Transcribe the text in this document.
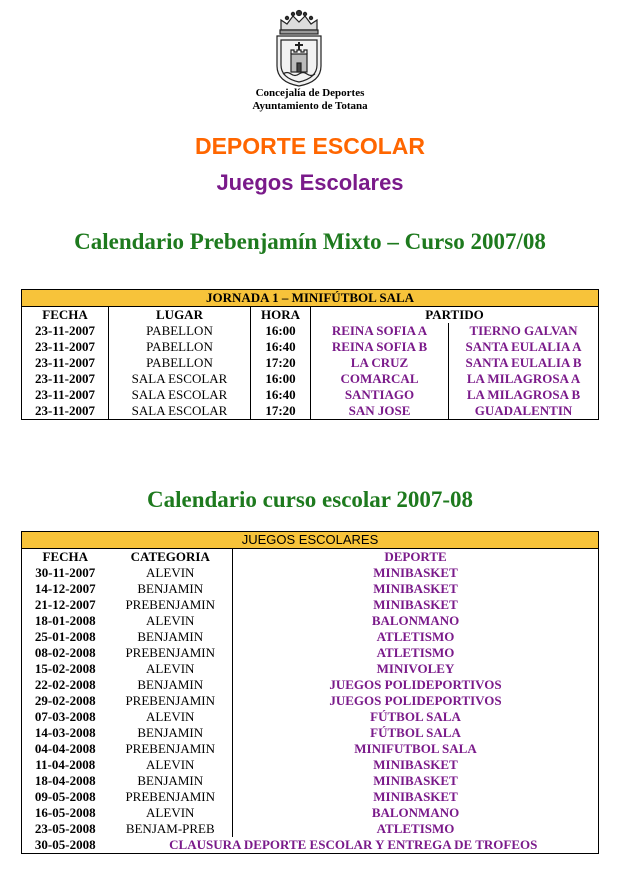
Concejalía de Deportes
Ayuntamiento de Totana
DEPORTE ESCOLAR
Juegos Escolares
Calendario Prebenjamín Mixto – Curso 2007/08
JORNADA 1 – MINIFÚTBOL SALA				
FECHA	LUGAR	HORA	PARTIDO	
23-11-2007	PABELLON	16:00	REINA SOFIA A	TIERNO GALVAN
23-11-2007	PABELLON	16:40	REINA SOFIA B	SANTA EULALIA A
23-11-2007	PABELLON	17:20	LA CRUZ	SANTA EULALIA B
23-11-2007	SALA ESCOLAR	16:00	COMARCAL	LA MILAGROSA A
23-11-2007	SALA ESCOLAR	16:40	SANTIAGO	LA MILAGROSA B
23-11-2007	SALA ESCOLAR	17:20	SAN JOSE	GUADALENTIN
Calendario curso escolar 2007-08
JUEGOS ESCOLARES		
FECHA	CATEGORIA	DEPORTE
30-11-2007	ALEVIN	MINIBASKET
14-12-2007	BENJAMIN	MINIBASKET
21-12-2007	PREBENJAMIN	MINIBASKET
18-01-2008	ALEVIN	BALONMANO
25-01-2008	BENJAMIN	ATLETISMO
08-02-2008	PREBENJAMIN	ATLETISMO
15-02-2008	ALEVIN	MINIVOLEY
22-02-2008	BENJAMIN	JUEGOS POLIDEPORTIVOS
29-02-2008	PREBENJAMIN	JUEGOS POLIDEPORTIVOS
07-03-2008	ALEVIN	FÚTBOL SALA
14-03-2008	BENJAMIN	FÚTBOL SALA
04-04-2008	PREBENJAMIN	MINIFUTBOL SALA
11-04-2008	ALEVIN	MINIBASKET
18-04-2008	BENJAMIN	MINIBASKET
09-05-2008	PREBENJAMIN	MINIBASKET
16-05-2008	ALEVIN	BALONMANO
23-05-2008	BENJAM-PREB	ATLETISMO
30-05-2008	CLAUSURA DEPORTE ESCOLAR Y ENTREGA DE TROFEOS	
